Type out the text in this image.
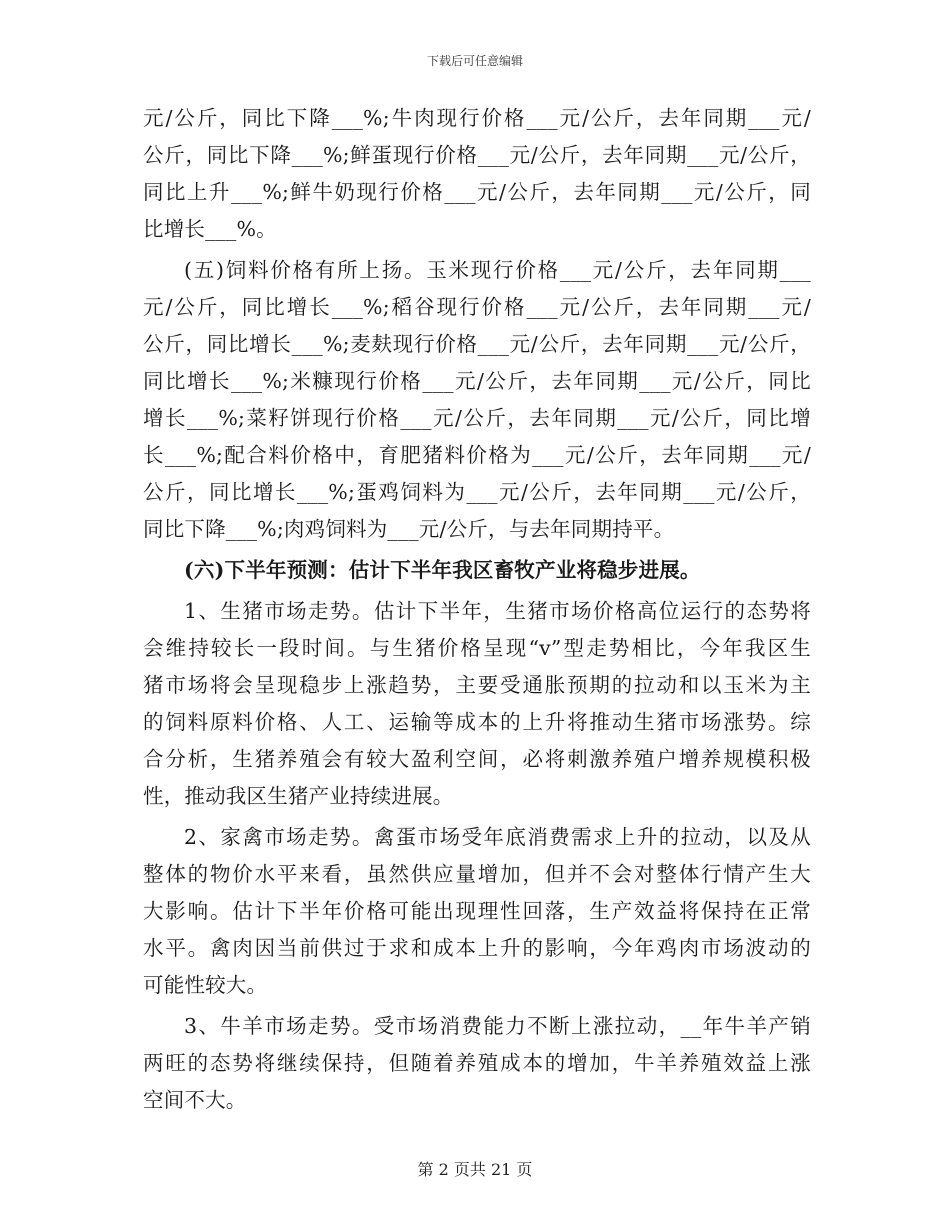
下载后可任意编辑
元/公斤，同比下降___%;牛肉现行价格___元/公斤，去年同期___元/
公斤，同比下降___%;鲜蛋现行价格___元/公斤，去年同期___元/公斤，
同比上升___%;鲜牛奶现行价格___元/公斤，去年同期___元/公斤，同
比增长___%。
(五)饲料价格有所上扬。玉米现行价格___元/公斤，去年同期___
元/公斤，同比增长___%;稻谷现行价格___元/公斤，去年同期___元/
公斤，同比增长___%;麦麸现行价格___元/公斤，去年同期___元/公斤，
同比增长___%;米糠现行价格___元/公斤，去年同期___元/公斤，同比
增长___%;菜籽饼现行价格___元/公斤，去年同期___元/公斤，同比增
长___%;配合料价格中，育肥猪料价格为___元/公斤，去年同期___元/
公斤，同比增长___%;蛋鸡饲料为___元/公斤，去年同期___元/公斤，
同比下降___%;肉鸡饲料为___元/公斤，与去年同期持平。
(六)下半年预测：估计下半年我区畜牧产业将稳步进展。
1、生猪市场走势。估计下半年，生猪市场价格高位运行的态势将
会维持较长一段时间。与生猪价格呈现“v”型走势相比，今年我区生
猪市场将会呈现稳步上涨趋势，主要受通胀预期的拉动和以玉米为主
的饲料原料价格、人工、运输等成本的上升将推动生猪市场涨势。综
合分析，生猪养殖会有较大盈利空间，必将刺激养殖户增养规模积极
性，推动我区生猪产业持续进展。
2、家禽市场走势。禽蛋市场受年底消费需求上升的拉动，以及从
整体的物价水平来看，虽然供应量增加，但并不会对整体行情产生大
大影响。估计下半年价格可能出现理性回落，生产效益将保持在正常
水平。禽肉因当前供过于求和成本上升的影响，今年鸡肉市场波动的
可能性较大。
3、牛羊市场走势。受市场消费能力不断上涨拉动，__年牛羊产销
两旺的态势将继续保持，但随着养殖成本的增加，牛羊养殖效益上涨
空间不大。
第 2 页共 21 页
